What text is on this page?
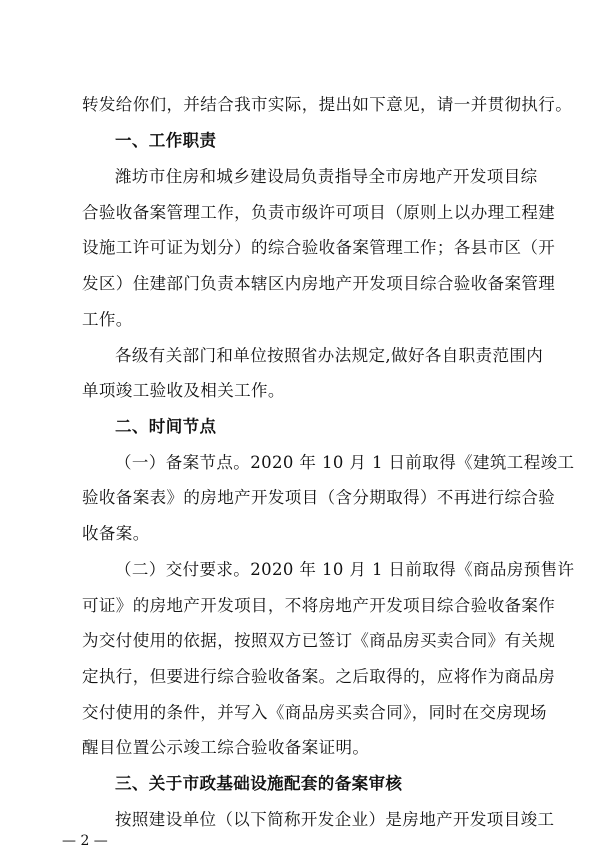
转发给你们，并结合我市实际，提出如下意见，请一并贯彻执行。
一、工作职责
潍坊市住房和城乡建设局负责指导全市房地产开发项目综
合验收备案管理工作，负责市级许可项目（原则上以办理工程建
设施工许可证为划分）的综合验收备案管理工作；各县市区（开
发区）住建部门负责本辖区内房地产开发项目综合验收备案管理
工作。
各级有关部门和单位按照省办法规定,做好各自职责范围内
单项竣工验收及相关工作。
二、时间节点
（一）备案节点。2020 年 10 月 1 日前取得《建筑工程竣工
验收备案表》的房地产开发项目（含分期取得）不再进行综合验
收备案。
（二）交付要求。2020 年 10 月 1 日前取得《商品房预售许
可证》的房地产开发项目，不将房地产开发项目综合验收备案作
为交付使用的依据，按照双方已签订《商品房买卖合同》有关规
定执行，但要进行综合验收备案。之后取得的，应将作为商品房
交付使用的条件，并写入《商品房买卖合同》，同时在交房现场
醒目位置公示竣工综合验收备案证明。
三、关于市政基础设施配套的备案审核
按照建设单位（以下简称开发企业）是房地产开发项目竣工
— 2 —
